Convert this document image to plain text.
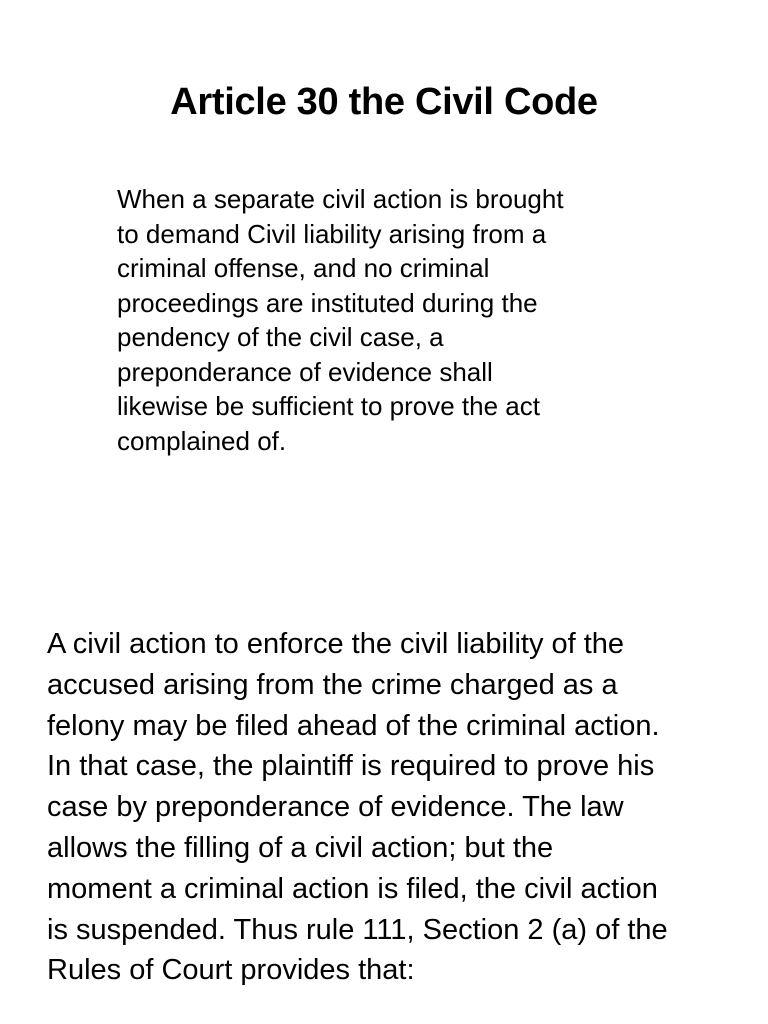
Article 30 the Civil Code

When a separate civil action is brought
to demand Civil liability arising from a
criminal offense, and no criminal
proceedings are instituted during the
pendency of the civil case, a
preponderance of evidence shall
likewise be sufficient to prove the act
complained of.

A civil action to enforce the civil liability of the
accused arising from the crime charged as a
felony may be filed ahead of the criminal action.
In that case, the plaintiff is required to prove his
case by preponderance of evidence. The law
allows the filling of a civil action; but the
moment a criminal action is filed, the civil action
is suspended. Thus rule 111, Section 2 (a) of the
Rules of Court provides that:
